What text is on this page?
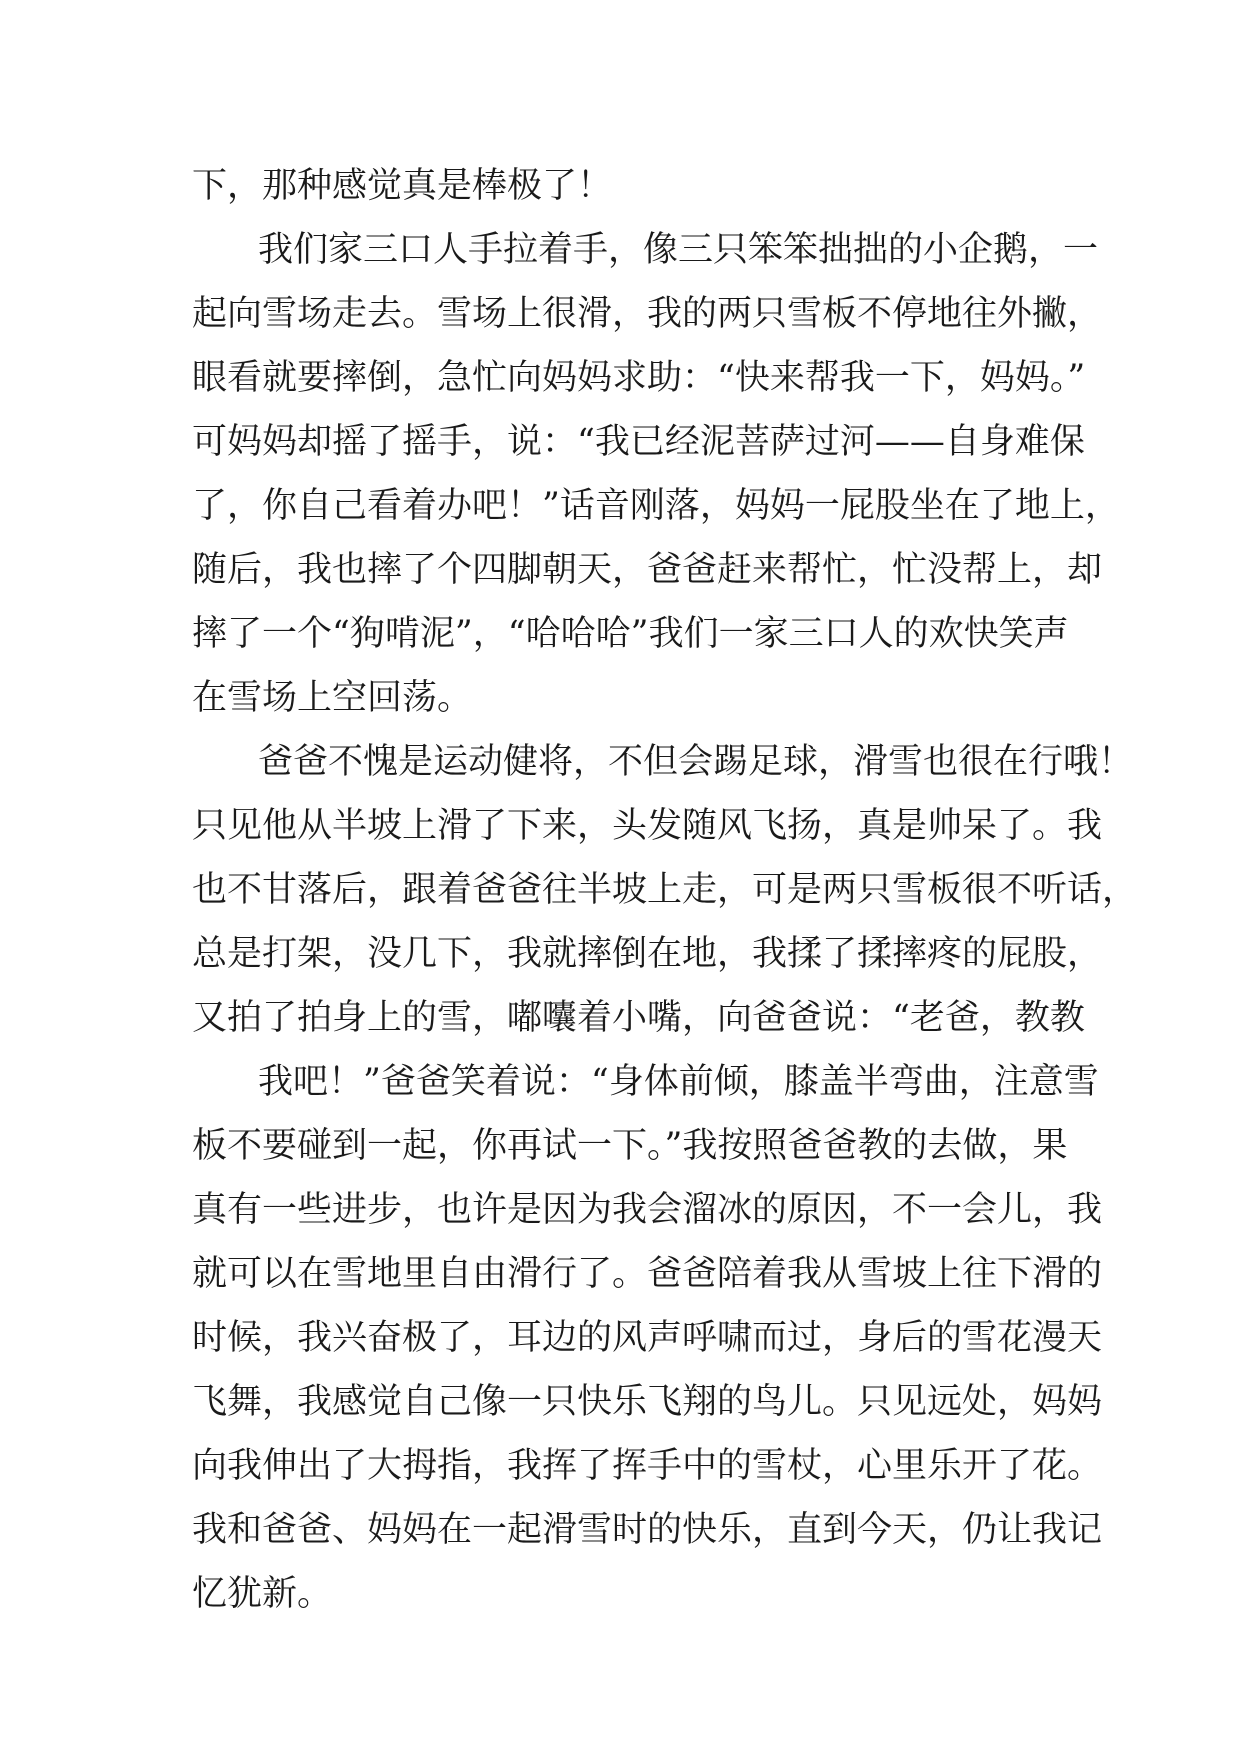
下，那种感觉真是棒极了！
我们家三口人手拉着手，像三只笨笨拙拙的小企鹅，一
起向雪场走去。雪场上很滑，我的两只雪板不停地往外撇，
眼看就要摔倒，急忙向妈妈求助：“快来帮我一下，妈妈。”
可妈妈却摇了摇手，说：“我已经泥菩萨过河——自身难保
了，你自己看着办吧！”话音刚落，妈妈一屁股坐在了地上，
随后，我也摔了个四脚朝天，爸爸赶来帮忙，忙没帮上，却
摔了一个“狗啃泥”，“哈哈哈”我们一家三口人的欢快笑声
在雪场上空回荡。
爸爸不愧是运动健将，不但会踢足球，滑雪也很在行哦！
只见他从半坡上滑了下来，头发随风飞扬，真是帅呆了。我
也不甘落后，跟着爸爸往半坡上走，可是两只雪板很不听话，
总是打架，没几下，我就摔倒在地，我揉了揉摔疼的屁股，
又拍了拍身上的雪，嘟囔着小嘴，向爸爸说：“老爸，教教
我吧！”爸爸笑着说：“身体前倾，膝盖半弯曲，注意雪
板不要碰到一起，你再试一下。”我按照爸爸教的去做，果
真有一些进步，也许是因为我会溜冰的原因，不一会儿，我
就可以在雪地里自由滑行了。爸爸陪着我从雪坡上往下滑的
时候，我兴奋极了，耳边的风声呼啸而过，身后的雪花漫天
飞舞，我感觉自己像一只快乐飞翔的鸟儿。只见远处，妈妈
向我伸出了大拇指，我挥了挥手中的雪杖，心里乐开了花。
我和爸爸、妈妈在一起滑雪时的快乐，直到今天，仍让我记
忆犹新。
